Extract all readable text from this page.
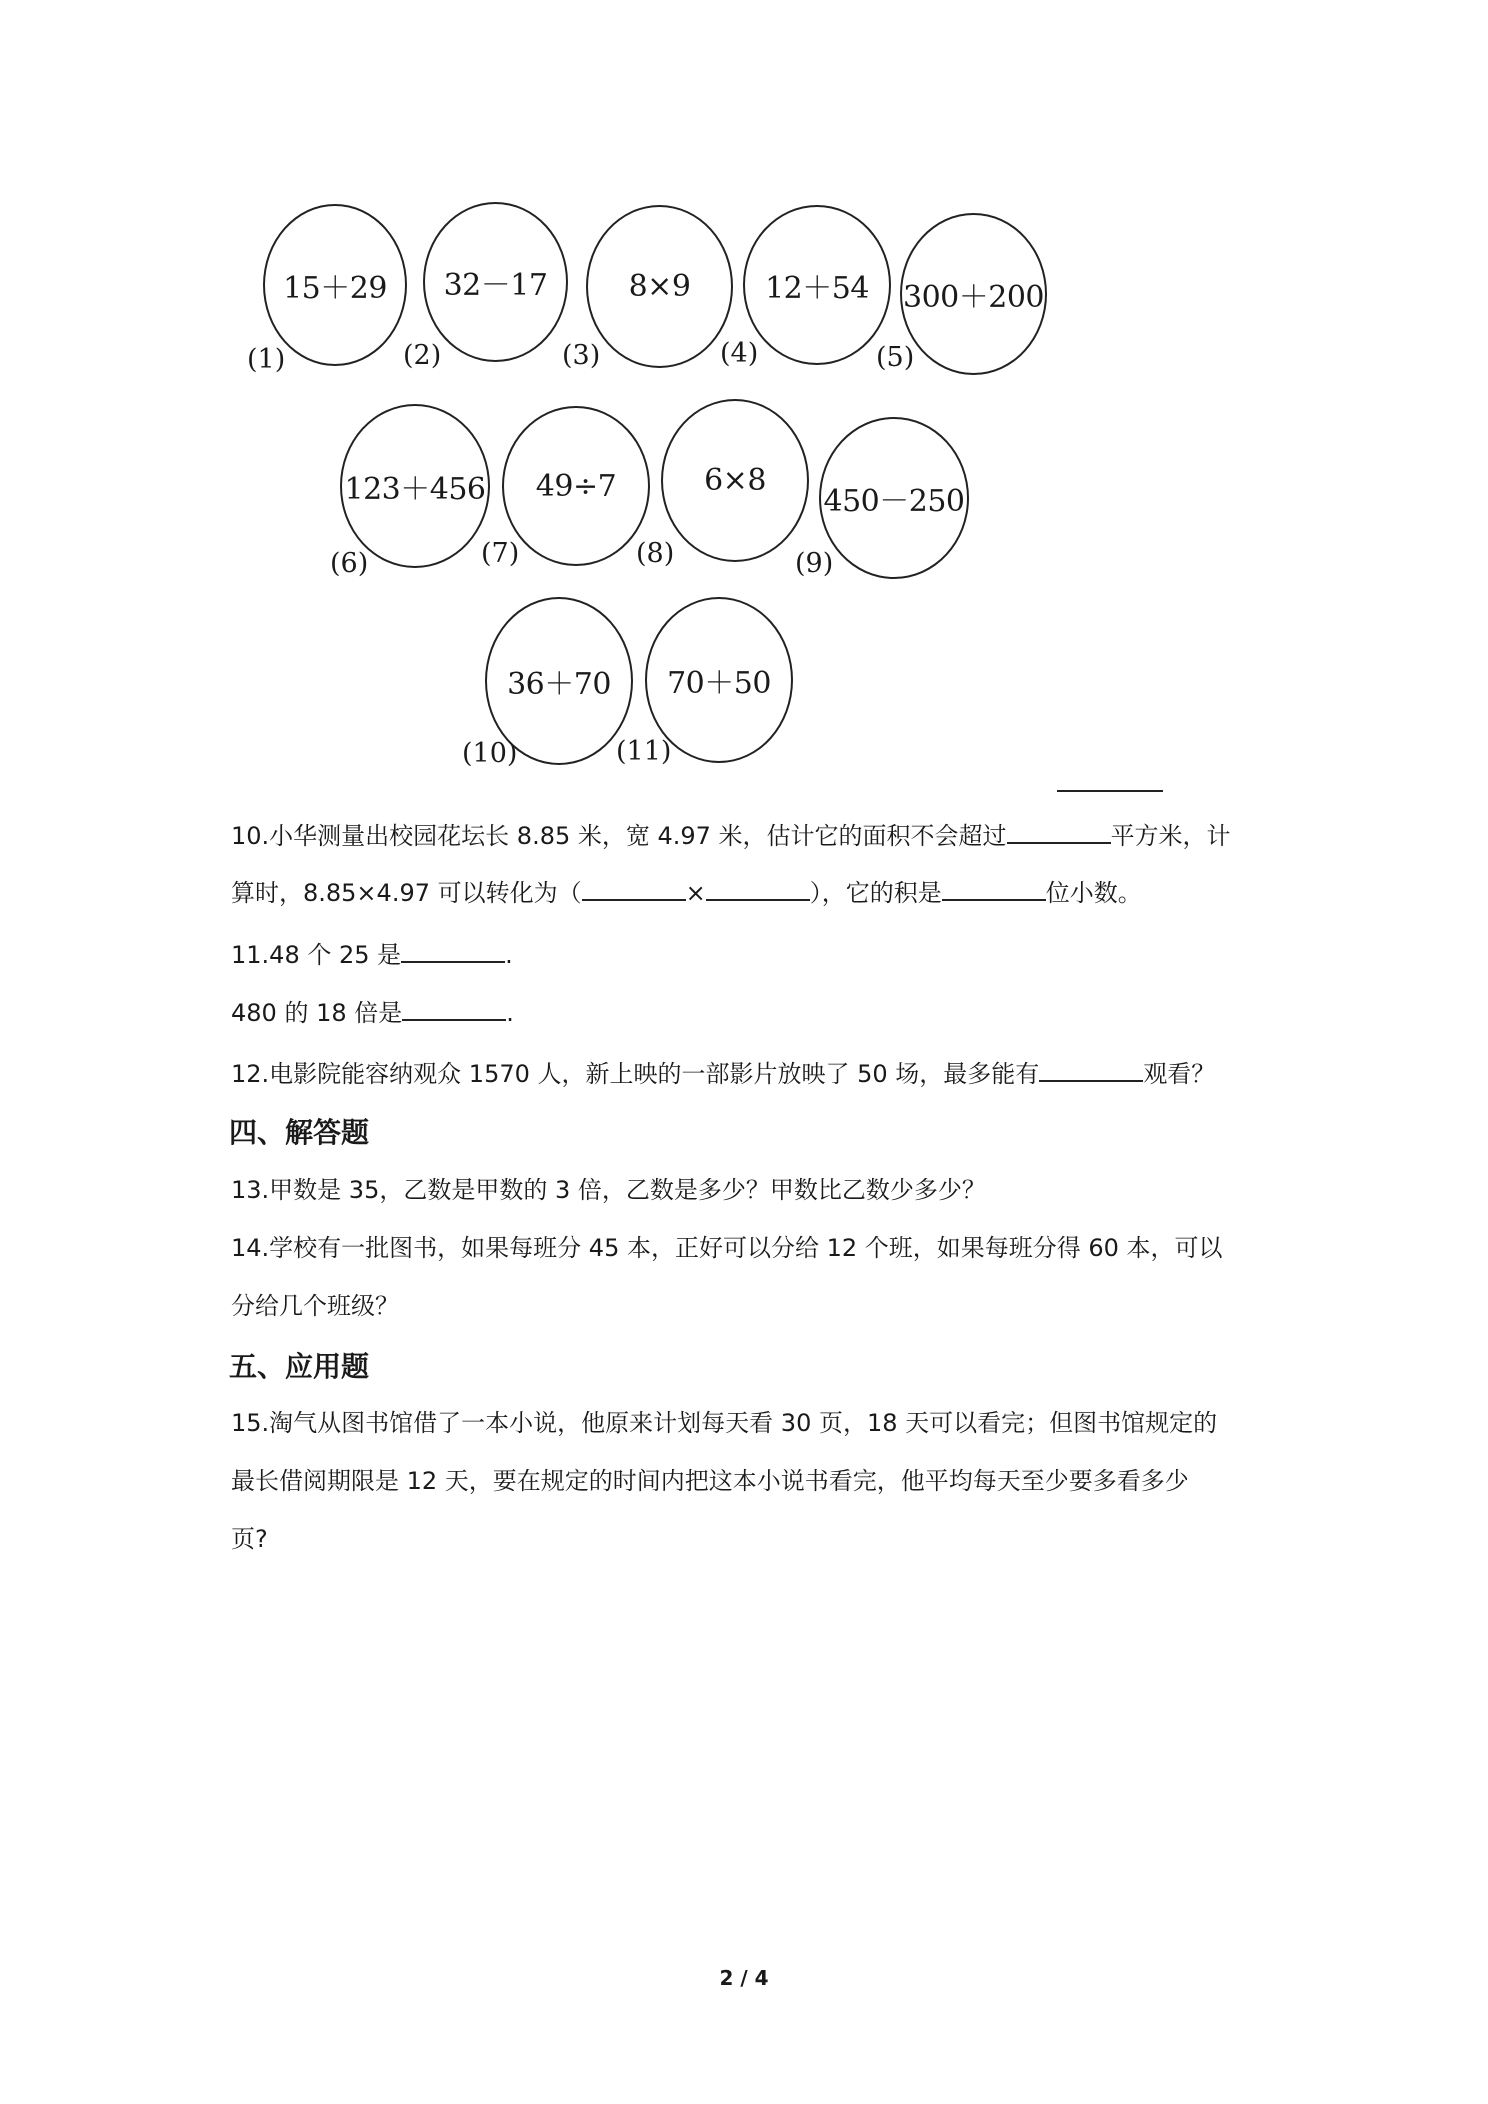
15＋29
(1)
32－17
(2)
8×9
(3)
12＋54
(4)
300＋200
(5)
123＋456
(6)
49÷7
(7)
6×8
(8)
450－250
(9)
36＋70
(10)
70＋50
(11)
10.小华测量出校园花坛长 8.85 米，宽 4.97 米，估计它的面积不会超过	平方米，计
算时，8.85×4.97 可以转化为（	×	），它的积是	位小数。
11.48 个 25 是	.
480 的 18 倍是	.
12.电影院能容纳观众 1570 人，新上映的一部影片放映了 50 场，最多能有	观看？
四、解答题
13.甲数是 35，乙数是甲数的 3 倍，乙数是多少？甲数比乙数少多少？
14.学校有一批图书，如果每班分 45 本，正好可以分给 12 个班，如果每班分得 60 本，可以
分给几个班级？
五、应用题
15.淘气从图书馆借了一本小说，他原来计划每天看 30 页，18 天可以看完；但图书馆规定的
最长借阅期限是 12 天，要在规定的时间内把这本小说书看完，他平均每天至少要多看多少
页?
2 / 4
